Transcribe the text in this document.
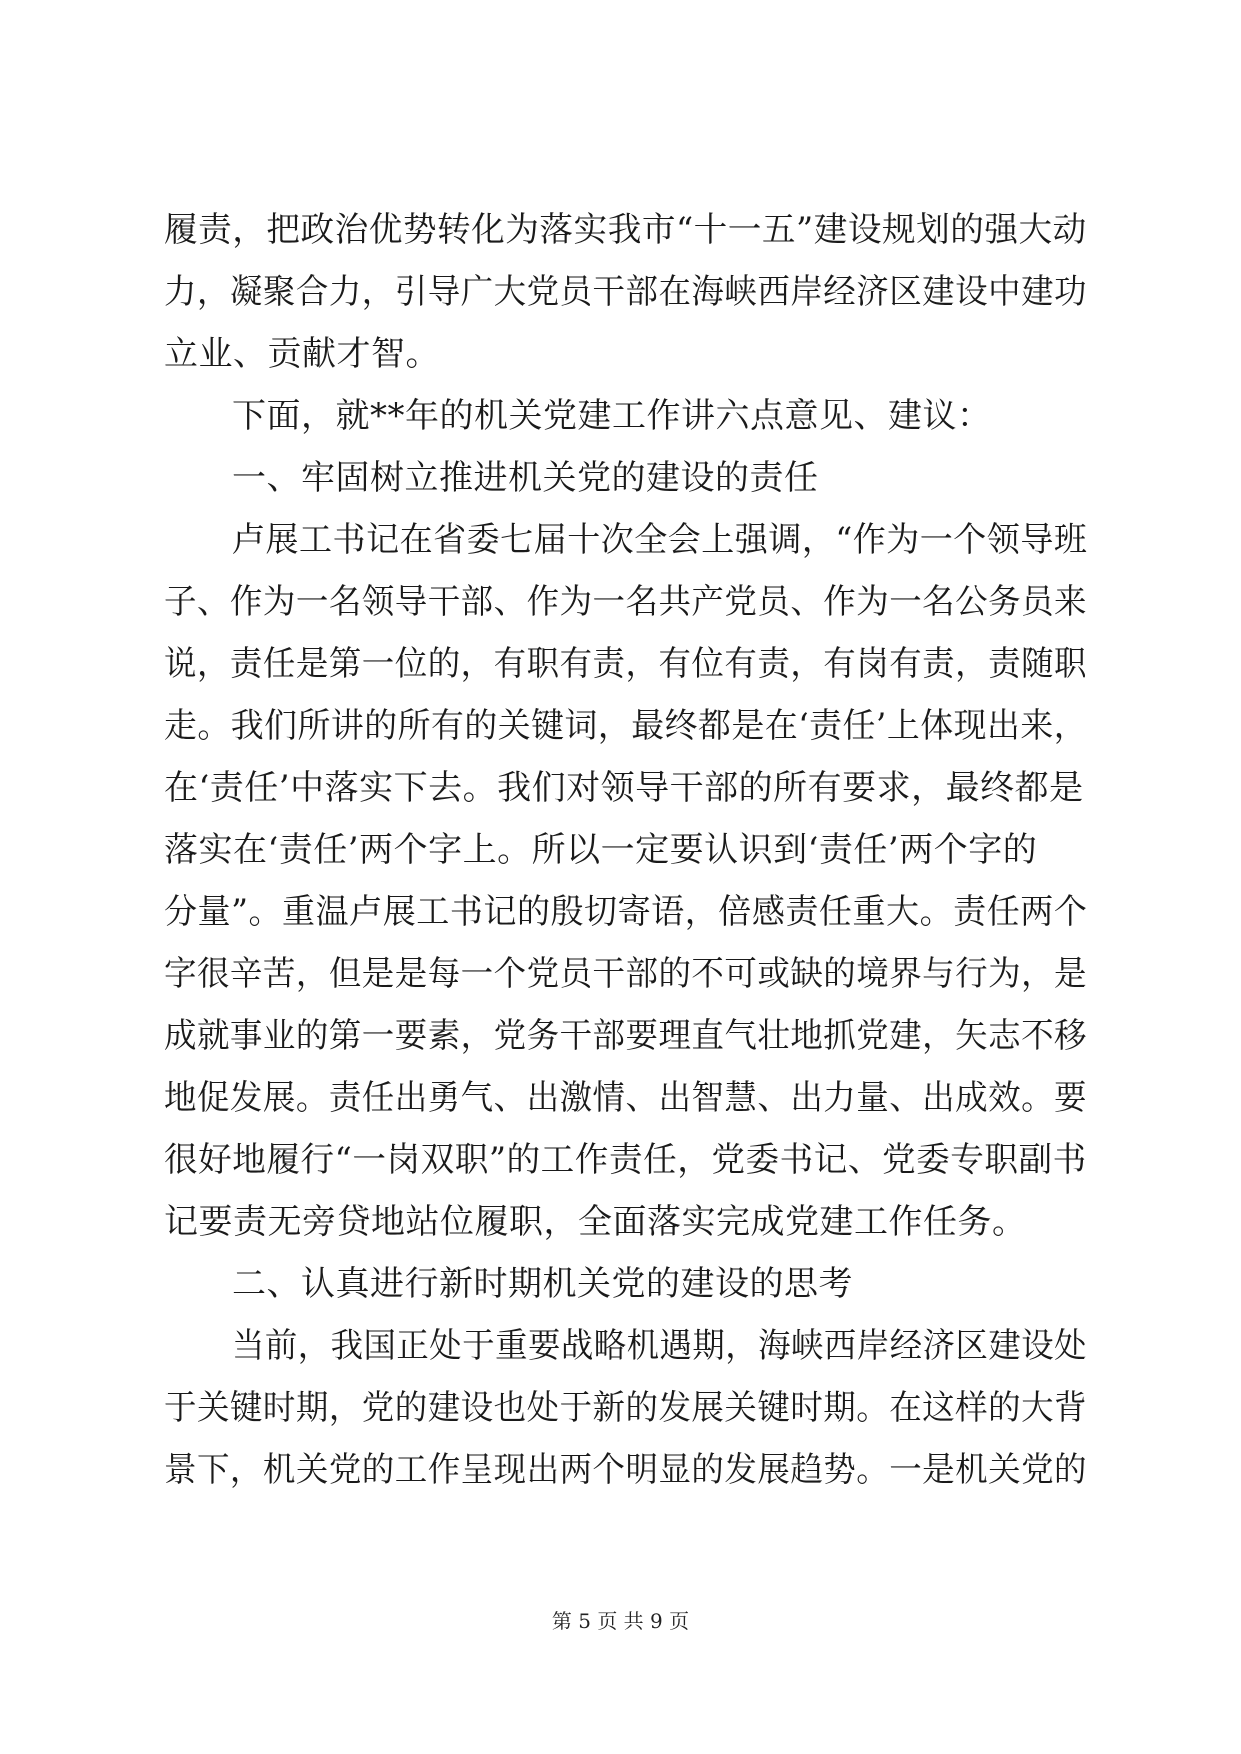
履责，把政治优势转化为落实我市“十一五”建设规划的强大动
力，凝聚合力，引导广大党员干部在海峡西岸经济区建设中建功
立业、贡献才智。
下面，就**年的机关党建工作讲六点意见、建议：
一、牢固树立推进机关党的建设的责任
卢展工书记在省委七届十次全会上强调，“作为一个领导班
子、作为一名领导干部、作为一名共产党员、作为一名公务员来
说，责任是第一位的，有职有责，有位有责，有岗有责，责随职
走。我们所讲的所有的关键词，最终都是在‘责任’上体现出来，
在‘责任’中落实下去。我们对领导干部的所有要求，最终都是
落实在‘责任’两个字上。所以一定要认识到‘责任’两个字的
分量”。重温卢展工书记的殷切寄语，倍感责任重大。责任两个
字很辛苦，但是是每一个党员干部的不可或缺的境界与行为，是
成就事业的第一要素，党务干部要理直气壮地抓党建，矢志不移
地促发展。责任出勇气、出激情、出智慧、出力量、出成效。要
很好地履行“一岗双职”的工作责任，党委书记、党委专职副书
记要责无旁贷地站位履职，全面落实完成党建工作任务。
二、认真进行新时期机关党的建设的思考
当前，我国正处于重要战略机遇期，海峡西岸经济区建设处
于关键时期，党的建设也处于新的发展关键时期。在这样的大背
景下，机关党的工作呈现出两个明显的发展趋势。一是机关党的
第 5 页 共 9 页
